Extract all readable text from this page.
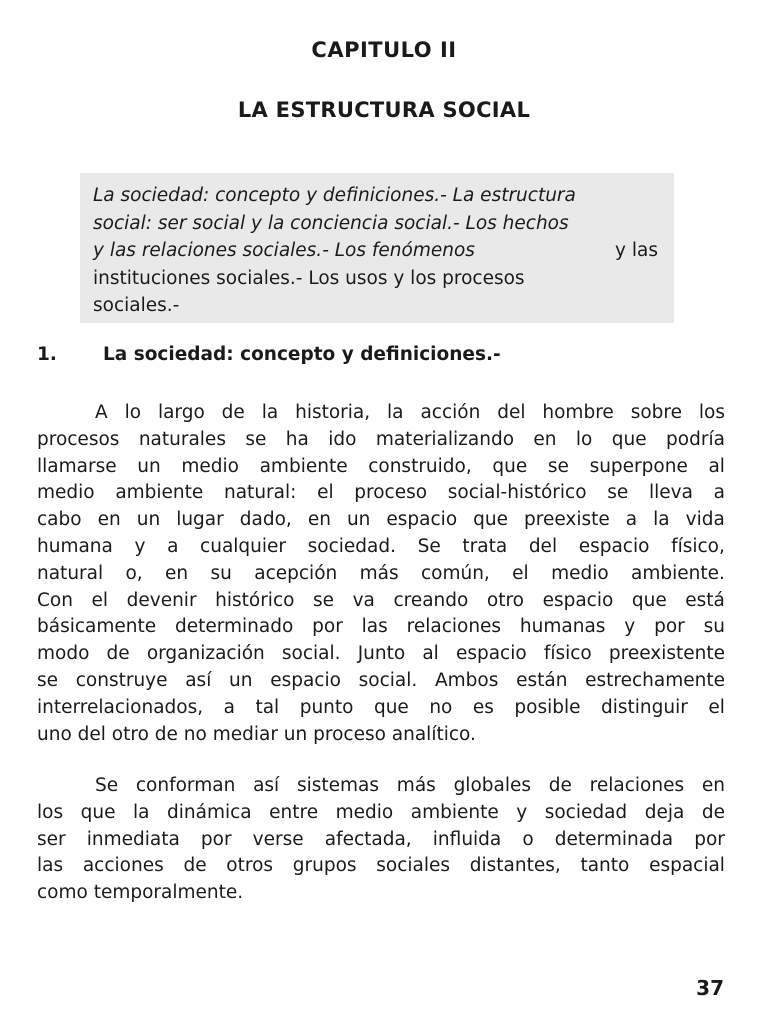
CAPITULO II
LA ESTRUCTURA SOCIAL
La sociedad: concepto y definiciones.- La estructura
social: ser social y la conciencia social.- Los hechos
y las relaciones sociales.- Los fenómenos	y las
instituciones sociales.- Los usos y los procesos
sociales.-
1. La sociedad: concepto y definiciones.-
A lo largo de la historia, la acción del hombre sobre los
procesos naturales se ha ido materializando en lo que podría
llamarse un medio ambiente construido, que se superpone al
medio ambiente natural: el proceso social-histórico se lleva a
cabo en un lugar dado, en un espacio que preexiste a la vida
humana y a cualquier sociedad. Se trata del espacio físico,
natural o, en su acepción más común, el medio ambiente.
Con el devenir histórico se va creando otro espacio que está
básicamente determinado por las relaciones humanas y por su
modo de organización social. Junto al espacio físico preexistente
se construye así un espacio social. Ambos están estrechamente
interrelacionados, a tal punto que no es posible distinguir el
uno del otro de no mediar un proceso analítico.
Se conforman así sistemas más globales de relaciones en
los que la dinámica entre medio ambiente y sociedad deja de
ser inmediata por verse afectada, influida o determinada por
las acciones de otros grupos sociales distantes, tanto espacial
como temporalmente.
37
